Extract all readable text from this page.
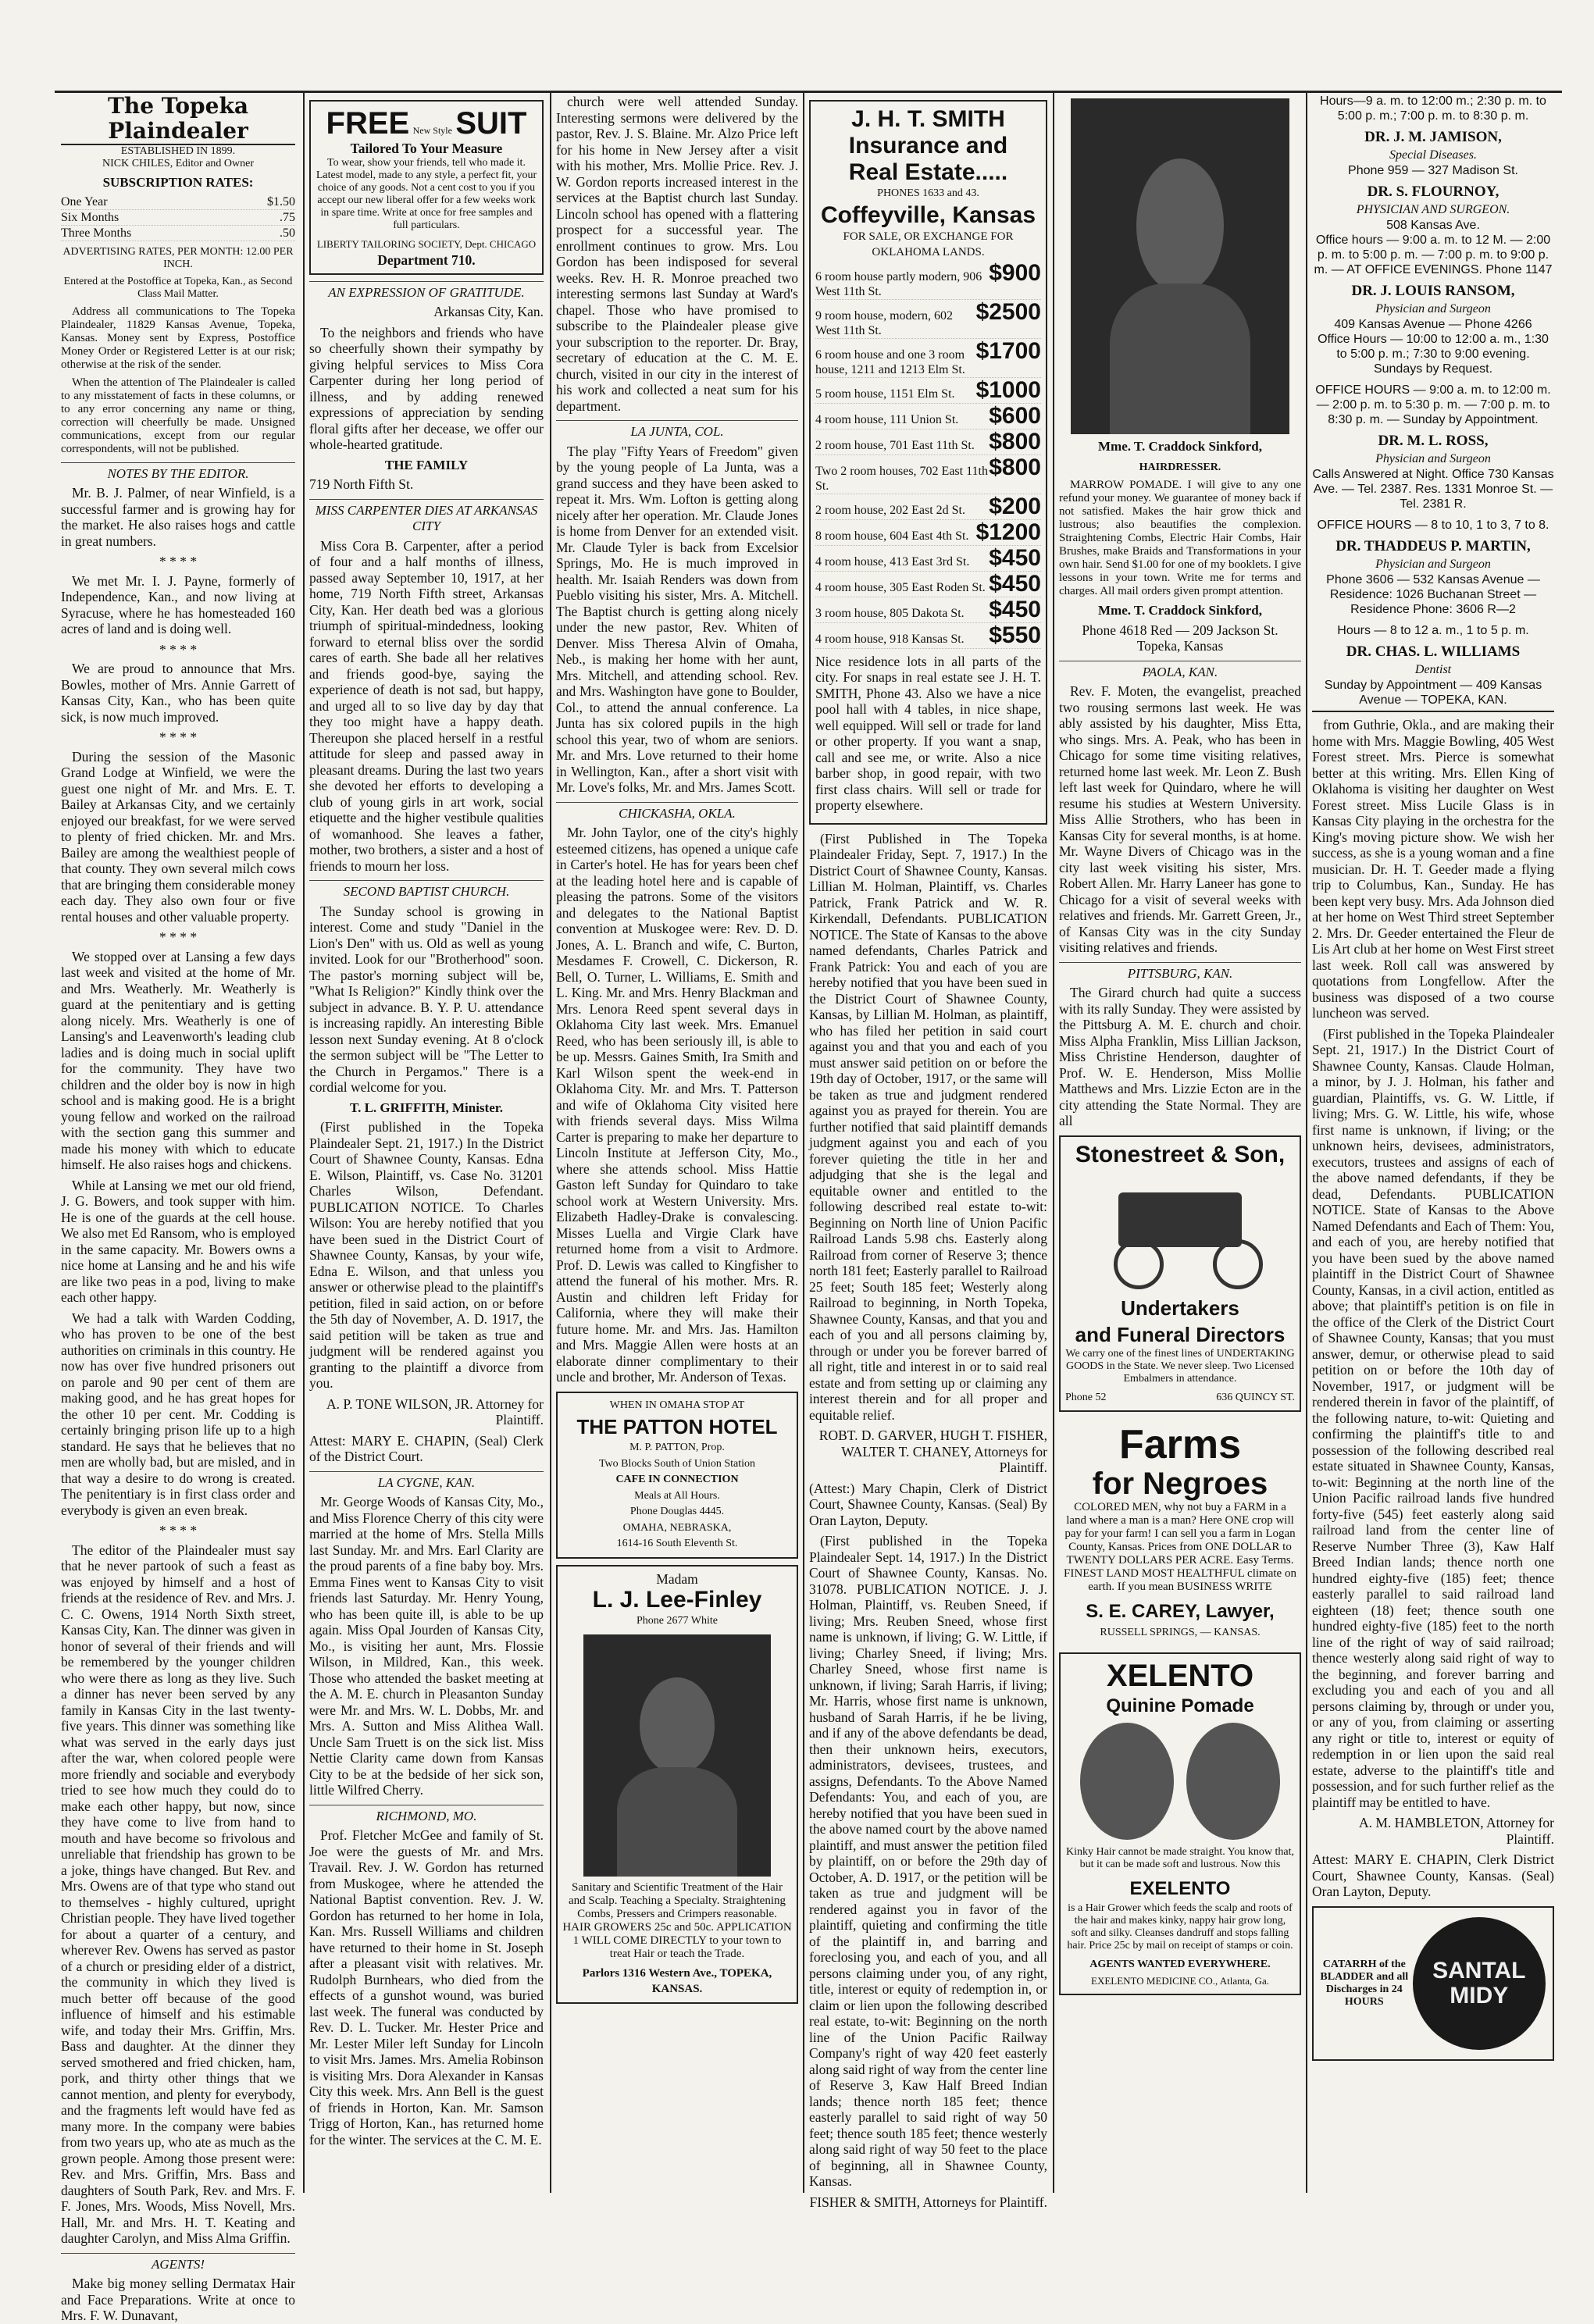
The Topeka Plaindealer
ESTABLISHED IN 1899.
NICK CHILES, Editor and Owner
SUBSCRIPTION RATES:
One Year	$1.50
Six Months	.75
Three Months	.50
ADVERTISING RATES, PER MONTH: 12.00 PER INCH.
Entered at the Postoffice at Topeka, Kan., as Second Class Mail Matter.

Address all communications to The Topeka Plaindealer, 11829 Kansas Avenue, Topeka, Kansas. Money sent by Express, Postoffice Money Order or Registered Letter is at our risk; otherwise at the risk of the sender.

When the attention of The Plaindealer is called to any misstatement of facts in these columns, or to any error concerning any name or thing, correction will cheerfully be made. Unsigned communications, except from our regular correspondents, will not be published.

NOTES BY THE EDITOR.

Mr. B. J. Palmer, of near Winfield, is a successful farmer and is growing hay for the market. He also raises hogs and cattle in great numbers.

* * * *

We met Mr. I. J. Payne, formerly of Independence, Kan., and now living at Syracuse, where he has homesteaded 160 acres of land and is doing well.

* * * *

We are proud to announce that Mrs. Bowles, mother of Mrs. Annie Garrett of Kansas City, Kan., who has been quite sick, is now much improved.

* * * *

During the session of the Masonic Grand Lodge at Winfield, we were the guest one night of Mr. and Mrs. E. T. Bailey at Arkansas City, and we certainly enjoyed our breakfast, for we were served to plenty of fried chicken. Mr. and Mrs. Bailey are among the wealthiest people of that county. They own several milch cows that are bringing them considerable money each day. They also own four or five rental houses and other valuable property.

* * * *

We stopped over at Lansing a few days last week and visited at the home of Mr. and Mrs. Weatherly. Mr. Weatherly is guard at the penitentiary and is getting along nicely. Mrs. Weatherly is one of Lansing's and Leavenworth's leading club ladies and is doing much in social uplift for the community. They have two children and the older boy is now in high school and is making good. He is a bright young fellow and worked on the railroad with the section gang this summer and made his money with which to educate himself. He also raises hogs and chickens.

While at Lansing we met our old friend, J. G. Bowers, and took supper with him. He is one of the guards at the cell house. We also met Ed Ransom, who is employed in the same capacity. Mr. Bowers owns a nice home at Lansing and he and his wife are like two peas in a pod, living to make each other happy.

We had a talk with Warden Codding, who has proven to be one of the best authorities on criminals in this country. He now has over five hundred prisoners out on parole and 90 per cent of them are making good, and he has great hopes for the other 10 per cent. Mr. Codding is certainly bringing prison life up to a high standard. He says that he believes that no men are wholly bad, but are misled, and in that way a desire to do wrong is created. The penitentiary is in first class order and everybody is given an even break.

* * * *

The editor of the Plaindealer must say that he never partook of such a feast as was enjoyed by himself and a host of friends at the residence of Rev. and Mrs. J. C. C. Owens, 1914 North Sixth street, Kansas City, Kan. The dinner was given in honor of several of their friends and will be remembered by the younger children who were there as long as they live. Such a dinner has never been served by any family in Kansas City in the last twenty-five years. This dinner was something like what was served in the early days just after the war, when colored people were more friendly and sociable and everybody tried to see how much they could do to make each other happy, but now, since they have come to live from hand to mouth and have become so frivolous and unreliable that friendship has grown to be a joke, things have changed. But Rev. and Mrs. Owens are of that type who stand out to themselves - highly cultured, upright Christian people. They have lived together for about a quarter of a century, and wherever Rev. Owens has served as pastor of a church or presiding elder of a district, the community in which they lived is much better off because of the good influence of himself and his estimable wife, and today their Mrs. Griffin, Mrs. Bass and daughter. At the dinner they served smothered and fried chicken, ham, pork, and thirty other things that we cannot mention, and plenty for everybody, and the fragments left would have fed as many more. In the company were babies from two years up, who ate as much as the grown people. Among those present were: Rev. and Mrs. Griffin, Mrs. Bass and daughters of South Park, Rev. and Mrs. F. F. Jones, Mrs. Woods, Miss Novell, Mrs. Hall, Mr. and Mrs. H. T. Keating and daughter Carolyn, and Miss Alma Griffin.

AGENTS!

Make big money selling Dermatax Hair and Face Preparations. Write at once to Mrs. F. W. Dunavant,

FREE New Style SUIT
Tailored To Your Measure

To wear, show your friends, tell who made it. Latest model, made to any style, a perfect fit, your choice of any goods. Not a cent cost to you if you accept our new liberal offer for a few weeks work in spare time. Write at once for free samples and full particulars.

LIBERTY TAILORING SOCIETY, Dept. CHICAGO
Department 710.
AN EXPRESSION OF GRATITUDE.

Arkansas City, Kan.

To the neighbors and friends who have so cheerfully shown their sympathy by giving helpful services to Miss Cora Carpenter during her long period of illness, and by adding renewed expressions of appreciation by sending floral gifts after her decease, we offer our whole-hearted gratitude.

THE FAMILY

719 North Fifth St.

MISS CARPENTER DIES AT ARKANSAS CITY

Miss Cora B. Carpenter, after a period of four and a half months of illness, passed away September 10, 1917, at her home, 719 North Fifth street, Arkansas City, Kan. Her death bed was a glorious triumph of spiritual-mindedness, looking forward to eternal bliss over the sordid cares of earth. She bade all her relatives and friends good-bye, saying the experience of death is not sad, but happy, and urged all to so live day by day that they too might have a happy death. Thereupon she placed herself in a restful attitude for sleep and passed away in pleasant dreams. During the last two years she devoted her efforts to developing a club of young girls in art work, social etiquette and the higher vestibule qualities of womanhood. She leaves a father, mother, two brothers, a sister and a host of friends to mourn her loss.

SECOND BAPTIST CHURCH.

The Sunday school is growing in interest. Come and study "Daniel in the Lion's Den" with us. Old as well as young invited. Look for our "Brotherhood" soon. The pastor's morning subject will be, "What Is Religion?" Kindly think over the subject in advance. B. Y. P. U. attendance is increasing rapidly. An interesting Bible lesson next Sunday evening. At 8 o'clock the sermon subject will be "The Letter to the Church in Pergamos." There is a cordial welcome for you.

T. L. GRIFFITH, Minister.

(First published in the Topeka Plaindealer Sept. 21, 1917.) In the District Court of Shawnee County, Kansas. Edna E. Wilson, Plaintiff, vs. Case No. 31201 Charles Wilson, Defendant. PUBLICATION NOTICE. To Charles Wilson: You are hereby notified that you have been sued in the District Court of Shawnee County, Kansas, by your wife, Edna E. Wilson, and that unless you answer or otherwise plead to the plaintiff's petition, filed in said action, on or before the 5th day of November, A. D. 1917, the said petition will be taken as true and judgment will be rendered against you granting to the plaintiff a divorce from you.

A. P. TONE WILSON, JR. Attorney for Plaintiff.

Attest: MARY E. CHAPIN, (Seal) Clerk of the District Court.

LA CYGNE, KAN.

Mr. George Woods of Kansas City, Mo., and Miss Florence Cherry of this city were married at the home of Mrs. Stella Mills last Sunday. Mr. and Mrs. Earl Clarity are the proud parents of a fine baby boy. Mrs. Emma Fines went to Kansas City to visit friends last Saturday. Mr. Henry Young, who has been quite ill, is able to be up again. Miss Opal Jourden of Kansas City, Mo., is visiting her aunt, Mrs. Flossie Wilson, in Mildred, Kan., this week. Those who attended the basket meeting at the A. M. E. church in Pleasanton Sunday were Mr. and Mrs. W. L. Dobbs, Mr. and Mrs. A. Sutton and Miss Alithea Wall. Uncle Sam Truett is on the sick list. Miss Nettie Clarity came down from Kansas City to be at the bedside of her sick son, little Wilfred Cherry.

RICHMOND, MO.

Prof. Fletcher McGee and family of St. Joe were the guests of Mr. and Mrs. Travail. Rev. J. W. Gordon has returned from Muskogee, where he attended the National Baptist convention. Rev. J. W. Gordon has returned to her home in Iola, Kan. Mrs. Russell Williams and children have returned to their home in St. Joseph after a pleasant visit with relatives. Mr. Rudolph Burnhears, who died from the effects of a gunshot wound, was buried last week. The funeral was conducted by Rev. D. L. Tucker. Mr. Hester Price and Mr. Lester Miler left Sunday for Lincoln to visit Mrs. James. Mrs. Amelia Robinson is visiting Mrs. Dora Alexander in Kansas City this week. Mrs. Ann Bell is the guest of friends in Horton, Kan. Mr. Samson Trigg of Horton, Kan., has returned home for the winter. The services at the C. M. E.

church were well attended Sunday. Interesting sermons were delivered by the pastor, Rev. J. S. Blaine. Mr. Alzo Price left for his home in New Jersey after a visit with his mother, Mrs. Mollie Price. Rev. J. W. Gordon reports increased interest in the services at the Baptist church last Sunday. Lincoln school has opened with a flattering prospect for a successful year. The enrollment continues to grow. Mrs. Lou Gordon has been indisposed for several weeks. Rev. H. R. Monroe preached two interesting sermons last Sunday at Ward's chapel. Those who have promised to subscribe to the Plaindealer please give your subscription to the reporter. Dr. Bray, secretary of education at the C. M. E. church, visited in our city in the interest of his work and collected a neat sum for his department.

LA JUNTA, COL.

The play "Fifty Years of Freedom" given by the young people of La Junta, was a grand success and they have been asked to repeat it. Mrs. Wm. Lofton is getting along nicely after her operation. Mr. Claude Jones is home from Denver for an extended visit. Mr. Claude Tyler is back from Excelsior Springs, Mo. He is much improved in health. Mr. Isaiah Renders was down from Pueblo visiting his sister, Mrs. A. Mitchell. The Baptist church is getting along nicely under the new pastor, Rev. Whiten of Denver. Miss Theresa Alvin of Omaha, Neb., is making her home with her aunt, Mrs. Mitchell, and attending school. Rev. and Mrs. Washington have gone to Boulder, Col., to attend the annual conference. La Junta has six colored pupils in the high school this year, two of whom are seniors. Mr. and Mrs. Love returned to their home in Wellington, Kan., after a short visit with Mr. Love's folks, Mr. and Mrs. James Scott.

CHICKASHA, OKLA.

Mr. John Taylor, one of the city's highly esteemed citizens, has opened a unique cafe in Carter's hotel. He has for years been chef at the leading hotel here and is capable of pleasing the patrons. Some of the visitors and delegates to the National Baptist convention at Muskogee were: Rev. D. D. Jones, A. L. Branch and wife, C. Burton, Mesdames F. Crowell, C. Dickerson, R. Bell, O. Turner, L. Williams, E. Smith and L. King. Mr. and Mrs. Henry Blackman and Mrs. Lenora Reed spent several days in Oklahoma City last week. Mrs. Emanuel Reed, who has been seriously ill, is able to be up. Messrs. Gaines Smith, Ira Smith and Karl Wilson spent the week-end in Oklahoma City. Mr. and Mrs. T. Patterson and wife of Oklahoma City visited here with friends several days. Miss Wilma Carter is preparing to make her departure to Lincoln Institute at Jefferson City, Mo., where she attends school. Miss Hattie Gaston left Sunday for Quindaro to take school work at Western University. Mrs. Elizabeth Hadley-Drake is convalescing. Misses Luella and Virgie Clark have returned home from a visit to Ardmore. Prof. D. Lewis was called to Kingfisher to attend the funeral of his mother. Mrs. R. Austin and children left Friday for California, where they will make their future home. Mr. and Mrs. Jas. Hamilton and Mrs. Maggie Allen were hosts at an elaborate dinner complimentary to their uncle and brother, Mr. Anderson of Texas.

WHEN IN OMAHA STOP AT
THE PATTON HOTEL
M. P. PATTON, Prop.
Two Blocks South of Union Station
CAFE IN CONNECTION
Meals at All Hours.
Phone Douglas 4445.
OMAHA, NEBRASKA,
1614-16 South Eleventh St.
Madam
L. J. Lee-Finley
Phone 2677 White

Sanitary and Scientific Treatment of the Hair and Scalp. Teaching a Specialty. Straightening Combs, Pressers and Crimpers reasonable. HAIR GROWERS 25c and 50c. APPLICATION 1 WILL COME DIRECTLY to your town to treat Hair or teach the Trade.

Parlors 1316 Western Ave., TOPEKA, KANSAS.
J. H. T. SMITH
Insurance and
Real Estate.....
PHONES 1633 and 43.
Coffeyville, Kansas
FOR SALE, OR EXCHANGE FOR OKLAHOMA LANDS.
6 room house partly modern, 906 West 11th St.
$900
9 room house, modern, 602 West 11th St.
$2500
6 room house and one 3 room house, 1211 and 1213 Elm St.
$1700
5 room house, 1151 Elm St. $1000
4 room house, 111 Union St. $600
2 room house, 701 East 11th St. $800
Two 2 room houses, 702 East 11th St.
$800
2 room house, 202 East 2d St. $200
8 room house, 604 East 4th St. $1200
4 room house, 413 East 3rd St. $450
4 room house, 305 East Roden St. $450
3 room house, 805 Dakota St. $450
4 room house, 918 Kansas St. $550

Nice residence lots in all parts of the city. For snaps in real estate see J. H. T. SMITH, Phone 43. Also we have a nice pool hall with 4 tables, in nice shape, well equipped. Will sell or trade for land or other property. If you want a snap, call and see me, or write. Also a nice barber shop, in good repair, with two first class chairs. Will sell or trade for property elsewhere.

(First Published in The Topeka Plaindealer Friday, Sept. 7, 1917.) In the District Court of Shawnee County, Kansas. Lillian M. Holman, Plaintiff, vs. Charles Patrick, Frank Patrick and W. R. Kirkendall, Defendants. PUBLICATION NOTICE. The State of Kansas to the above named defendants, Charles Patrick and Frank Patrick: You and each of you are hereby notified that you have been sued in the District Court of Shawnee County, Kansas, by Lillian M. Holman, as plaintiff, who has filed her petition in said court against you and that you and each of you must answer said petition on or before the 19th day of October, 1917, or the same will be taken as true and judgment rendered against you as prayed for therein. You are further notified that said plaintiff demands judgment against you and each of you forever quieting the title in her and adjudging that she is the legal and equitable owner and entitled to the following described real estate to-wit: Beginning on North line of Union Pacific Railroad Lands 5.98 chs. Easterly along Railroad from corner of Reserve 3; thence north 181 feet; Easterly parallel to Railroad 25 feet; South 185 feet; Westerly along Railroad to beginning, in North Topeka, Shawnee County, Kansas, and that you and each of you and all persons claiming by, through or under you be forever barred of all right, title and interest in or to said real estate and from setting up or claiming any interest therein and for all proper and equitable relief.

ROBT. D. GARVER, HUGH T. FISHER, WALTER T. CHANEY, Attorneys for Plaintiff.

(Attest:) Mary Chapin, Clerk of District Court, Shawnee County, Kansas. (Seal) By Oran Layton, Deputy.

(First published in the Topeka Plaindealer Sept. 14, 1917.) In the District Court of Shawnee County, Kansas. No. 31078. PUBLICATION NOTICE. J. J. Holman, Plaintiff, vs. Reuben Sneed, if living; Mrs. Reuben Sneed, whose first name is unknown, if living; G. W. Little, if living; Charley Sneed, if living; Mrs. Charley Sneed, whose first name is unknown, if living; Sarah Harris, if living; Mr. Harris, whose first name is unknown, husband of Sarah Harris, if he be living, and if any of the above defendants be dead, then their unknown heirs, executors, administrators, devisees, trustees, and assigns, Defendants. To the Above Named Defendants: You, and each of you, are hereby notified that you have been sued in the above named court by the above named plaintiff, and must answer the petition filed by plaintiff, on or before the 29th day of October, A. D. 1917, or the petition will be taken as true and judgment will be rendered against you in favor of the plaintiff, quieting and confirming the title of the plaintiff in, and barring and foreclosing you, and each of you, and all persons claiming under you, of any right, title, interest or equity of redemption in, or claim or lien upon the following described real estate, to-wit: Beginning on the north line of the Union Pacific Railway Company's right of way 420 feet easterly along said right of way from the center line of Reserve 3, Kaw Half Breed Indian lands; thence north 185 feet; thence easterly parallel to said right of way 50 feet; thence south 185 feet; thence westerly along said right of way 50 feet to the place of beginning, all in Shawnee County, Kansas.

FISHER & SMITH, Attorneys for Plaintiff.

Mme. T. Craddock Sinkford,
HAIRDRESSER.

MARROW POMADE. I will give to any one refund your money. We guarantee of money back if not satisfied. Makes the hair grow thick and lustrous; also beautifies the complexion. Straightening Combs, Electric Hair Combs, Hair Brushes, make Braids and Transformations in your own hair. Send $1.00 for one of my booklets. I give lessons in your town. Write me for terms and charges. All mail orders given prompt attention.

Mme. T. Craddock Sinkford,

Phone 4618 Red — 209 Jackson St. Topeka, Kansas

PAOLA, KAN.

Rev. F. Moten, the evangelist, preached two rousing sermons last week. He was ably assisted by his daughter, Miss Etta, who sings. Mrs. A. Peak, who has been in Chicago for some time visiting relatives, returned home last week. Mr. Leon Z. Bush left last week for Quindaro, where he will resume his studies at Western University. Miss Allie Strothers, who has been in Kansas City for several months, is at home. Mr. Wayne Divers of Chicago was in the city last week visiting his sister, Mrs. Robert Allen. Mr. Harry Laneer has gone to Chicago for a visit of several weeks with relatives and friends. Mr. Garrett Green, Jr., of Kansas City was in the city Sunday visiting relatives and friends.

PITTSBURG, KAN.

The Girard church had quite a success with its rally Sunday. They were assisted by the Pittsburg A. M. E. church and choir. Miss Alpha Franklin, Miss Lillian Jackson, Miss Christine Henderson, daughter of Prof. W. E. Henderson, Miss Mollie Matthews and Mrs. Lizzie Ecton are in the city attending the State Normal. They are all

Stonestreet & Son,
Undertakers
and Funeral Directors

We carry one of the finest lines of UNDERTAKING GOODS in the State. We never sleep. Two Licensed Embalmers in attendance.

Phone 52	636 QUINCY ST.
Farms
for Negroes

COLORED MEN, why not buy a FARM in a land where a man is a man? Here ONE crop will pay for your farm! I can sell you a farm in Logan County, Kansas. Prices from ONE DOLLAR to TWENTY DOLLARS PER ACRE. Easy Terms. FINEST LAND MOST HEALTHFUL climate on earth. If you mean BUSINESS WRITE

S. E. CAREY, Lawyer,
RUSSELL SPRINGS, — KANSAS.
XELENTO
Quinine Pomade

Kinky Hair cannot be made straight. You know that, but it can be made soft and lustrous. Now this

EXELENTO

is a Hair Grower which feeds the scalp and roots of the hair and makes kinky, nappy hair grow long, soft and silky. Cleanses dandruff and stops falling hair. Price 25c by mail on receipt of stamps or coin.

AGENTS WANTED EVERYWHERE.
EXELENTO MEDICINE CO., Atlanta, Ga.
Hours—9 a. m. to 12:00 m.; 2:30 p. m. to 5:00 p. m.; 7:00 p. m. to 8:30 p. m.
DR. J. M. JAMISON,

Special Diseases.

Phone 959 — 327 Madison St.
DR. S. FLOURNOY,

PHYSICIAN AND SURGEON.

508 Kansas Ave.
Office hours — 9:00 a. m. to 12 M. — 2:00 p. m. to 5:00 p. m. — 7:00 p. m. to 9:00 p. m. — AT OFFICE EVENINGS. Phone 1147
DR. J. LOUIS RANSOM,

Physician and Surgeon

409 Kansas Avenue — Phone 4266
Office Hours — 10:00 to 12:00 a. m., 1:30 to 5:00 p. m.; 7:30 to 9:00 evening. Sundays by Request.
OFFICE HOURS — 9:00 a. m. to 12:00 m. — 2:00 p. m. to 5:30 p. m. — 7:00 p. m. to 8:30 p. m. — Sunday by Appointment.
DR. M. L. ROSS,

Physician and Surgeon

Calls Answered at Night. Office 730 Kansas Ave. — Tel. 2387. Res. 1331 Monroe St. — Tel. 2381 R.
OFFICE HOURS — 8 to 10, 1 to 3, 7 to 8.
DR. THADDEUS P. MARTIN,

Physician and Surgeon

Phone 3606 — 532 Kansas Avenue — Residence: 1026 Buchanan Street — Residence Phone: 3606 R—2
Hours — 8 to 12 a. m., 1 to 5 p. m.
DR. CHAS. L. WILLIAMS

Dentist

Sunday by Appointment — 409 Kansas Avenue — TOPEKA, KAN.

from Guthrie, Okla., and are making their home with Mrs. Maggie Bowling, 405 West Forest street. Mrs. Pierce is somewhat better at this writing. Mrs. Ellen King of Oklahoma is visiting her daughter on West Forest street. Miss Lucile Glass is in Kansas City playing in the orchestra for the King's moving picture show. We wish her success, as she is a young woman and a fine musician. Dr. H. T. Geeder made a flying trip to Columbus, Kan., Sunday. He has been kept very busy. Mrs. Ada Johnson died at her home on West Third street September 2. Mrs. Dr. Geeder entertained the Fleur de Lis Art club at her home on West First street last week. Roll call was answered by quotations from Longfellow. After the business was disposed of a two course luncheon was served.

(First published in the Topeka Plaindealer Sept. 21, 1917.) In the District Court of Shawnee County, Kansas. Claude Holman, a minor, by J. J. Holman, his father and guardian, Plaintiffs, vs. G. W. Little, if living; Mrs. G. W. Little, his wife, whose first name is unknown, if living; or the unknown heirs, devisees, administrators, executors, trustees and assigns of each of the above named defendants, if they be dead, Defendants. PUBLICATION NOTICE. State of Kansas to the Above Named Defendants and Each of Them: You, and each of you, are hereby notified that you have been sued by the above named plaintiff in the District Court of Shawnee County, Kansas, in a civil action, entitled as above; that plaintiff's petition is on file in the office of the Clerk of the District Court of Shawnee County, Kansas; that you must answer, demur, or otherwise plead to said petition on or before the 10th day of November, 1917, or judgment will be rendered therein in favor of the plaintiff, of the following nature, to-wit: Quieting and confirming the plaintiff's title to and possession of the following described real estate situated in Shawnee County, Kansas, to-wit: Beginning at the north line of the Union Pacific railroad lands five hundred forty-five (545) feet easterly along said railroad land from the center line of Reserve Number Three (3), Kaw Half Breed Indian lands; thence north one hundred eighty-five (185) feet; thence easterly parallel to said railroad land eighteen (18) feet; thence south one hundred eighty-five (185) feet to the north line of the right of way of said railroad; thence westerly along said right of way to the beginning, and forever barring and excluding you and each of you and all persons claiming by, through or under you, or any of you, from claiming or asserting any right or title to, interest or equity of redemption in or lien upon the said real estate, adverse to the plaintiff's title and possession, and for such further relief as the plaintiff may be entitled to have.

A. M. HAMBLETON, Attorney for Plaintiff.

Attest: MARY E. CHAPIN, Clerk District Court, Shawnee County, Kansas. (Seal) Oran Layton, Deputy.

CATARRH of the BLADDER and all Discharges in 24 HOURS
SANTAL
MIDY
